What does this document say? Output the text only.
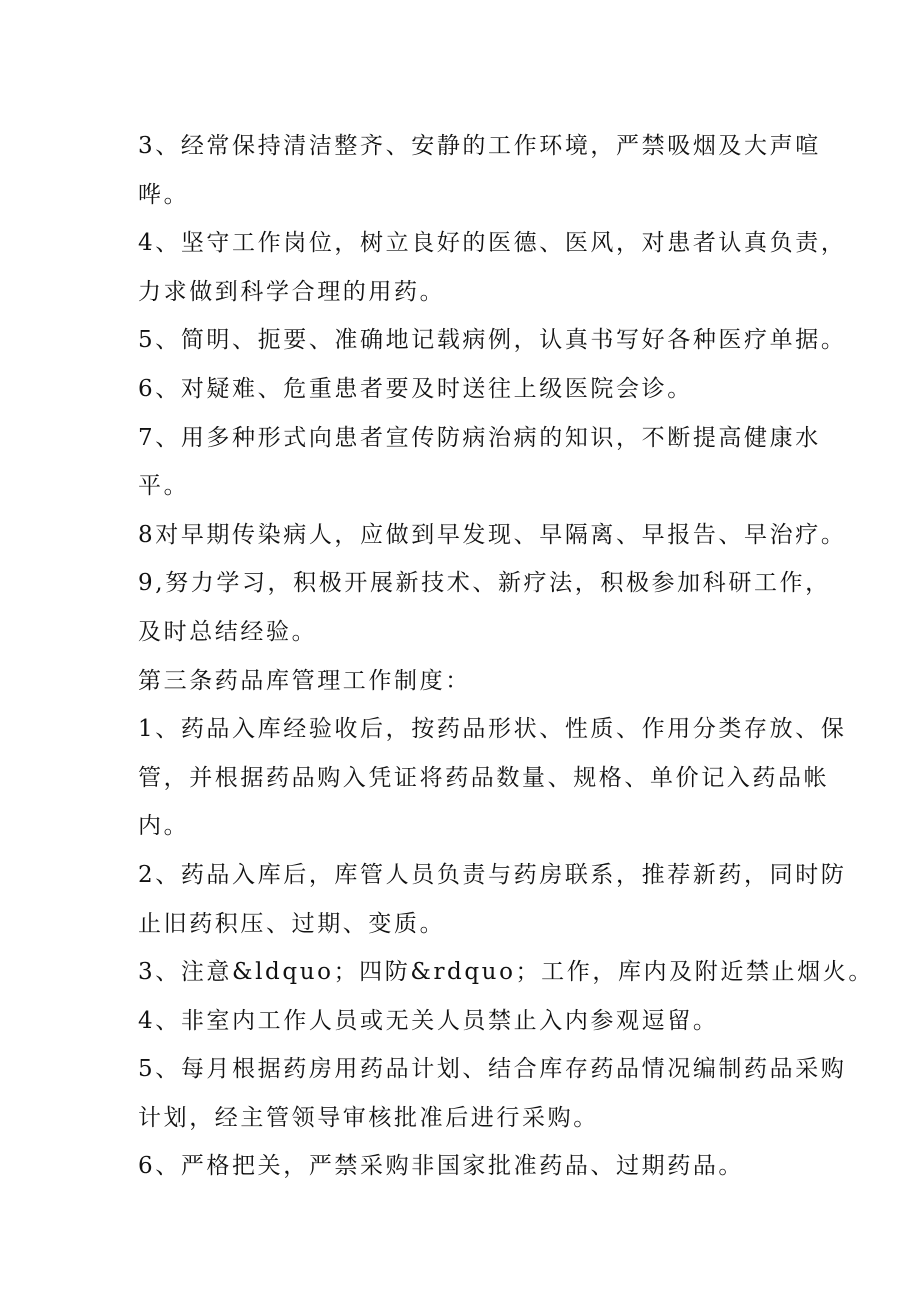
3、经常保持清洁整齐、安静的工作环境，严禁吸烟及大声喧
哗。
4、坚守工作岗位，树立良好的医德、医风，对患者认真负责，
力求做到科学合理的用药。
5、简明、扼要、准确地记载病例，认真书写好各种医疗单据。
6、对疑难、危重患者要及时送往上级医院会诊。
7、用多种形式向患者宣传防病治病的知识，不断提高健康水
平。
8对早期传染病人，应做到早发现、早隔离、早报告、早治疗。
9,努力学习，积极开展新技术、新疗法，积极参加科研工作，
及时总结经验。
第三条药品库管理工作制度：
1、药品入库经验收后，按药品形状、性质、作用分类存放、保
管，并根据药品购入凭证将药品数量、规格、单价记入药品帐
内。
2、药品入库后，库管人员负责与药房联系，推荐新药，同时防
止旧药积压、过期、变质。
3、注意&ldquo；四防&rdquo；工作，库内及附近禁止烟火。
4、非室内工作人员或无关人员禁止入内参观逗留。
5、每月根据药房用药品计划、结合库存药品情况编制药品采购
计划，经主管领导审核批准后进行采购。
6、严格把关，严禁采购非国家批准药品、过期药品。
